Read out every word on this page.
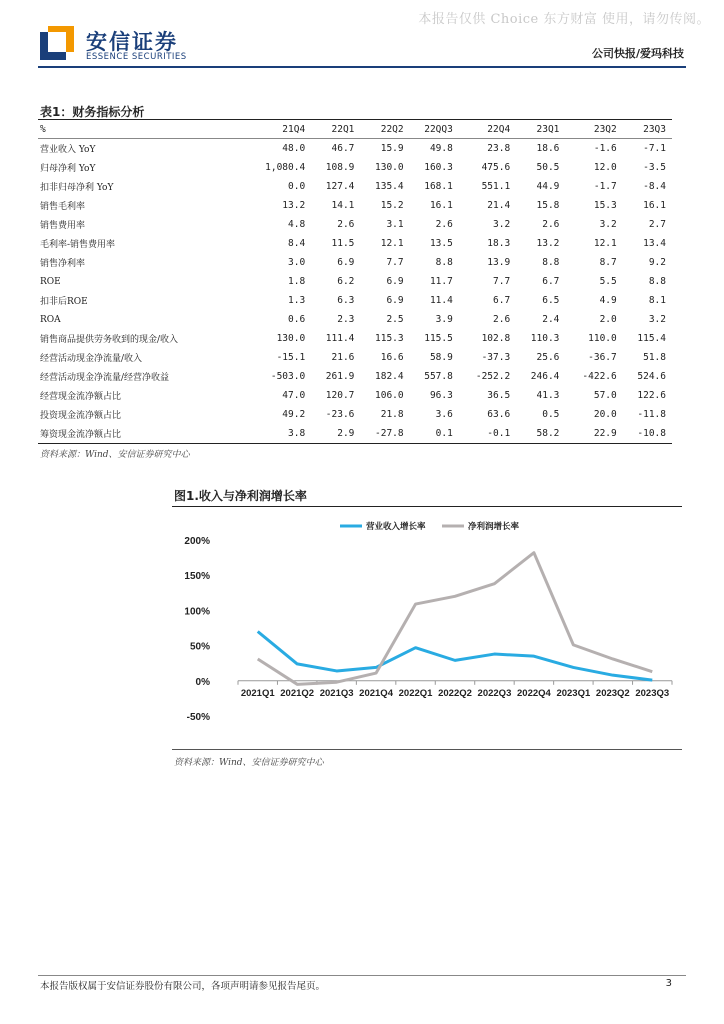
本报告仅供 Choice 东方财富 使用，请勿传阅。
安信证券
ESSENCE SECURITIES	公司快报/爱玛科技
表1：财务指标分析
%	21Q4	22Q1	22Q2	22QQ3	22Q4	23Q1	23Q2	23Q3
营业收入 YoY	48.0	46.7	15.9	49.8	23.8	18.6	-1.6	-7.1
归母净利 YoY	1,080.4	108.9	130.0	160.3	475.6	50.5	12.0	-3.5
扣非归母净利 YoY	0.0	127.4	135.4	168.1	551.1	44.9	-1.7	-8.4
销售毛利率	13.2	14.1	15.2	16.1	21.4	15.8	15.3	16.1
销售费用率	4.8	2.6	3.1	2.6	3.2	2.6	3.2	2.7
毛利率-销售费用率	8.4	11.5	12.1	13.5	18.3	13.2	12.1	13.4
销售净利率	3.0	6.9	7.7	8.8	13.9	8.8	8.7	9.2
ROE	1.8	6.2	6.9	11.7	7.7	6.7	5.5	8.8
扣非后ROE	1.3	6.3	6.9	11.4	6.7	6.5	4.9	8.1
ROA	0.6	2.3	2.5	3.9	2.6	2.4	2.0	3.2
销售商品提供劳务收到的现金/收入	130.0	111.4	115.3	115.5	102.8	110.3	110.0	115.4
经营活动现金净流量/收入	-15.1	21.6	16.6	58.9	-37.3	25.6	-36.7	51.8
经营活动现金净流量/经营净收益	-503.0	261.9	182.4	557.8	-252.2	246.4	-422.6	524.6
经营现金流净额占比	47.0	120.7	106.0	96.3	36.5	41.3	57.0	122.6
投资现金流净额占比	49.2	-23.6	21.8	3.6	63.6	0.5	20.0	-11.8
筹资现金流净额占比	3.8	2.9	-27.8	0.1	-0.1	58.2	22.9	-10.8
资料来源：Wind、安信证券研究中心
图1.收入与净利润增长率
200%
150%
100%
50%
0%
-50%
2021Q1 2021Q2 2021Q3 2021Q4 2022Q1 2022Q2 2022Q3 2022Q4 2023Q1 2023Q2 2023Q3
营业收入增长率	净利润增长率
资料来源：Wind、安信证券研究中心
本报告版权属于安信证券股份有限公司，各项声明请参见报告尾页。	3
